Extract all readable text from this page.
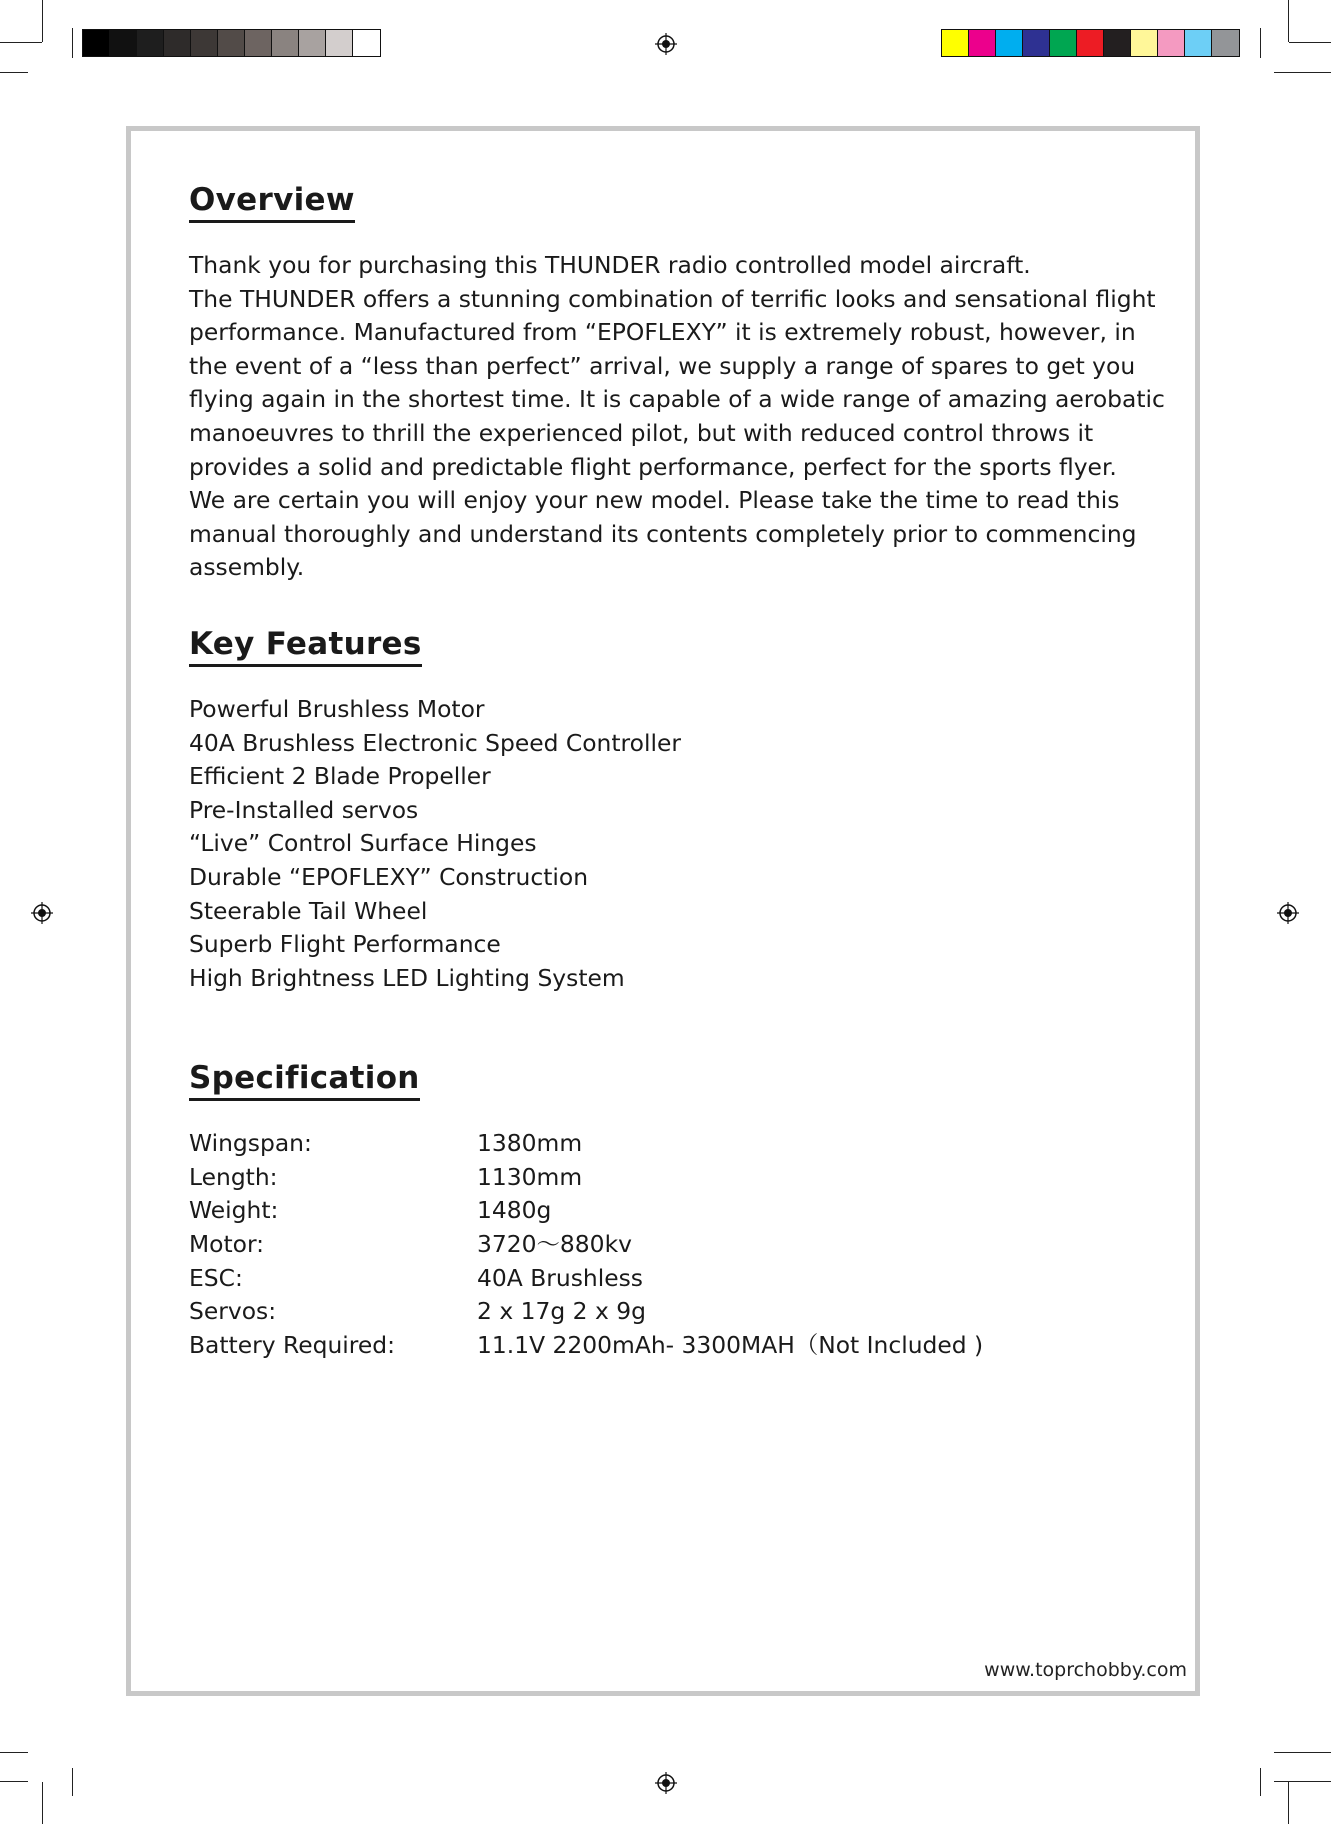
Overview

Thank you for purchasing this THUNDER radio controlled model aircraft.

The THUNDER offers a stunning combination of terrific looks and sensational flight

performance. Manufactured from “EPOFLEXY” it is extremely robust, however, in

the event of a “less than perfect” arrival, we supply a range of spares to get you

flying again in the shortest time. It is capable of a wide range of amazing aerobatic

manoeuvres to thrill the experienced pilot, but with reduced control throws it

provides a solid and predictable flight performance, perfect for the sports flyer.

We are certain you will enjoy your new model. Please take the time to read this

manual thoroughly and understand its contents completely prior to commencing

assembly.

Key Features
Powerful Brushless Motor
40A Brushless Electronic Speed Controller
Efficient 2 Blade Propeller
Pre-Installed servos
“Live” Control Surface Hinges
Durable “EPOFLEXY” Construction
Steerable Tail Wheel
Superb Flight Performance
High Brightness LED Lighting System
Specification
Wingspan:	1380mm
Length:	1130mm
Weight:	1480g
Motor:	3720～880kv
ESC:	40A Brushless
Servos:	2 x 17g 2 x 9g
Battery Required:	11.1V 2200mAh- 3300MAH（Not Included )
www.toprchobby.com
